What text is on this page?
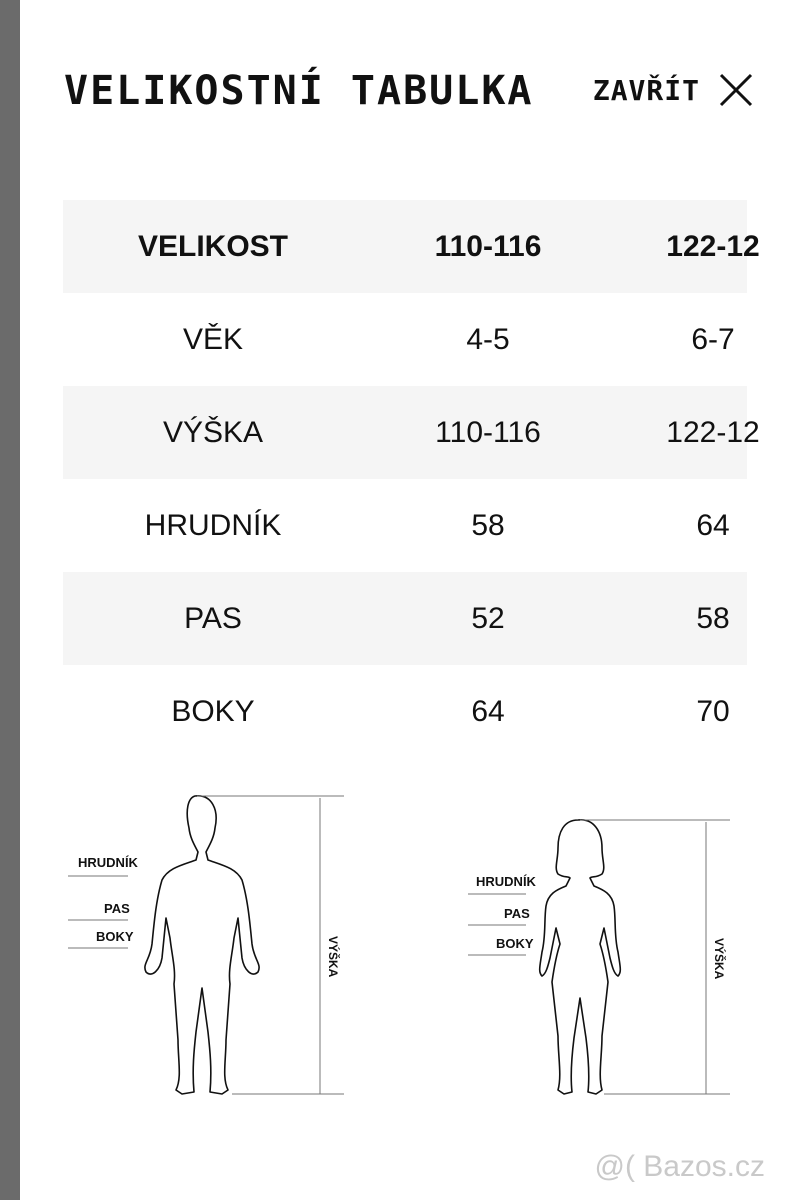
VELIKOSTNÍ TABULKA ZAVŘÍT
VELIKOST	110-116	122-12
VĚK	4-5	6-7
VÝŠKA	110-116	122-12
HRUDNÍK	58	64
PAS	52	58
BOKY	64	70
HRUDNÍK
PAS
BOKY	VÝŠKA
HRUDNÍK
PAS
BOKY	VÝŠKA
@( Bazos.cz
